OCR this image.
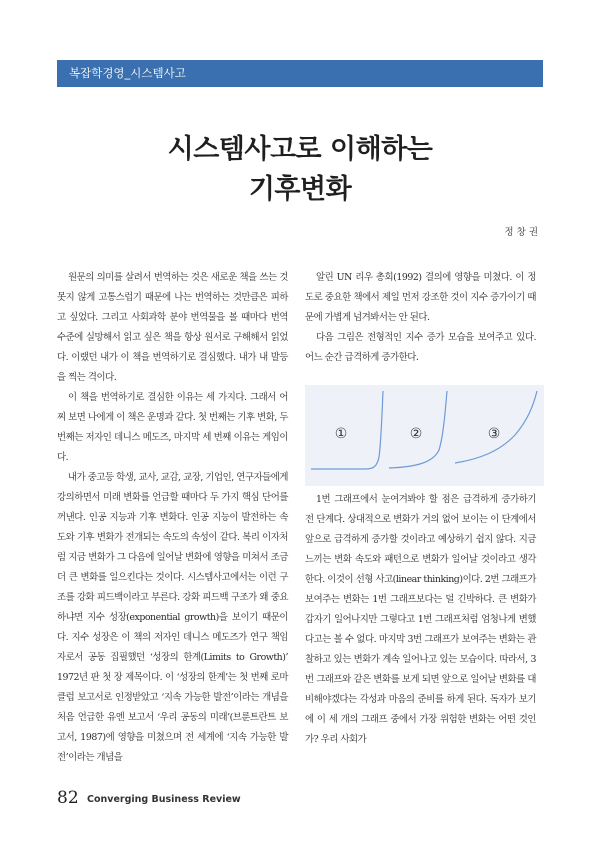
복잡학경영_시스템사고
시스템사고로 이해하는
기후변화
정 창 권

원문의 의미를 살려서 번역하는 것은 새로운 책을 쓰는 것 못지 않게 고통스럽기 때문에 나는 번역하는 것만큼은 피하고 싶었다. 그리고 사회과학 분야 번역물을 볼 때마다 번역 수준에 실망해서 읽고 싶은 책을 항상 원서로 구해해서 읽었다. 이랬던 내가 이 책을 번역하기로 결심했다. 내가 내 발등을 찍는 격이다.

이 책을 번역하기로 결심한 이유는 세 가지다. 그래서 어찌 보면 나에게 이 책은 운명과 같다. 첫 번째는 기후 변화, 두 번째는 저자인 데니스 메도즈, 마지막 세 번째 이유는 게임이다.

내가 중고등 학생, 교사, 교감, 교장, 기업인, 연구자들에게 강의하면서 미래 변화를 언급할 때마다 두 가지 핵심 단어를 꺼낸다. 인공 지능과 기후 변화다. 인공 지능이 발전하는 속도와 기후 변화가 전개되는 속도의 속성이 같다. 복리 이자처럼 지금 변화가 그 다음에 일어날 변화에 영향을 미쳐서 조금 더 큰 변화를 일으킨다는 것이다. 시스템사고에서는 이런 구조를 강화 피드백이라고 부른다. 강화 피드백 구조가 왜 중요하냐면 지수 성장(exponential growth)을 보이기 때문이다. 지수 성장은 이 책의 저자인 데니스 메도즈가 연구 책임자로서 공동 집필했던 ‘성장의 한계(Limits to Growth)’ 1972년 판 첫 장 제목이다. 이 ‘성장의 한계’는 첫 번째 로마클럽 보고서로 인정받았고 ‘지속 가능한 발전’이라는 개념을 처음 언급한 유엔 보고서 ‘우리 공동의 미래’(브룬트란트 보고서, 1987)에 영향을 미쳤으며 전 세계에 ‘지속 가능한 발전’이라는 개념을

알린 UN 리우 총회(1992) 결의에 영향을 미쳤다. 이 정도로 중요한 책에서 제일 먼저 강조한 것이 지수 증가이기 때문에 가볍게 넘겨봐서는 안 된다.

다음 그림은 전형적인 지수 증가 모습을 보여주고 있다. 어느 순간 급격하게 증가한다.

1번 그래프에서 눈여겨봐야 할 점은 급격하게 증가하기 전 단계다. 상대적으로 변화가 거의 없어 보이는 이 단계에서 앞으로 급격하게 증가할 것이라고 예상하기 쉽지 않다. 지금 느끼는 변화 속도와 패턴으로 변화가 일어날 것이라고 생각한다. 이것이 선형 사고(linear thinking)이다. 2번 그래프가 보여주는 변화는 1번 그래프보다는 덜 긴박하다. 큰 변화가 갑자기 일어나지만 그렇다고 1번 그래프처럼 엄청나게 변했다고는 볼 수 없다. 마지막 3번 그래프가 보여주는 변화는 관찰하고 있는 변화가 계속 일어나고 있는 모습이다. 따라서, 3번 그래프와 같은 변화를 보게 되면 앞으로 일어날 변화를 대비해야겠다는 각성과 마음의 준비를 하게 된다. 독자가 보기에 이 세 개의 그래프 중에서 가장 위험한 변화는 어떤 것인가? 우리 사회가

①	②	③
82 Converging Business Review
